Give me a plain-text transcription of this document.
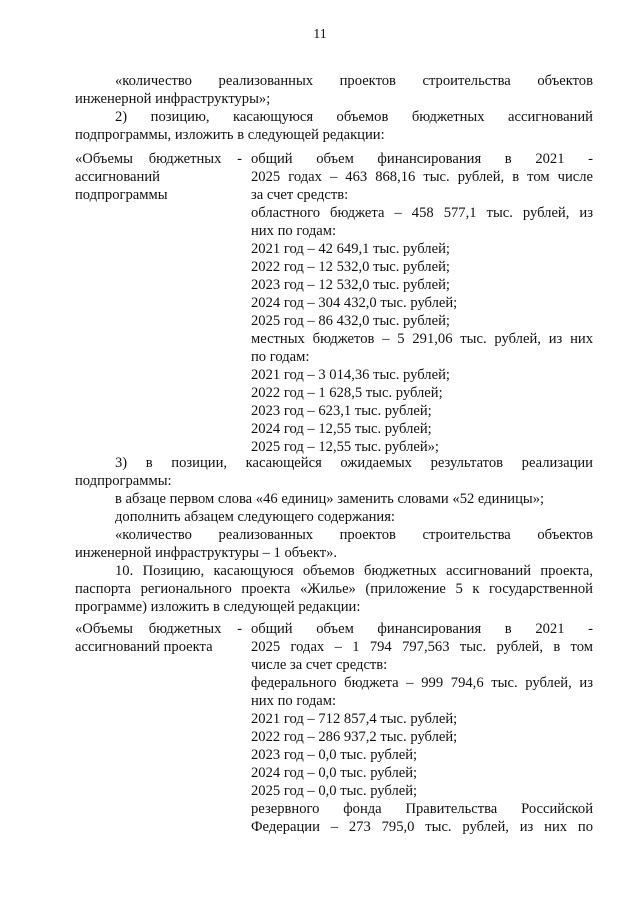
11
«количество реализованных проектов строительства объектов
инженерной инфраструктуры»;
2) позицию, касающуюся объемов бюджетных ассигнований
подпрограммы, изложить в следующей редакции:
«Объемы бюджетных -
ассигнований
подпрограммы
общий объем финансирования в 2021 -
2025 годах – 463 868,16 тыс. рублей, в том числе
за счет средств:
областного бюджета – 458 577,1 тыс. рублей, из
них по годам:
2021 год – 42 649,1 тыс. рублей;
2022 год – 12 532,0 тыс. рублей;
2023 год – 12 532,0 тыс. рублей;
2024 год – 304 432,0 тыс. рублей;
2025 год – 86 432,0 тыс. рублей;
местных бюджетов – 5 291,06 тыс. рублей, из них
по годам:
2021 год – 3 014,36 тыс. рублей;
2022 год – 1 628,5 тыс. рублей;
2023 год – 623,1 тыс. рублей;
2024 год – 12,55 тыс. рублей;
2025 год – 12,55 тыс. рублей»;
3) в позиции, касающейся ожидаемых результатов реализации
подпрограммы:
в абзаце первом слова «46 единиц» заменить словами «52 единицы»;
дополнить абзацем следующего содержания:
«количество реализованных проектов строительства объектов
инженерной инфраструктуры – 1 объект».
10. Позицию, касающуюся объемов бюджетных ассигнований проекта,
паспорта регионального проекта «Жилье» (приложение 5 к государственной
программе) изложить в следующей редакции:
«Объемы бюджетных -
ассигнований проекта
общий объем финансирования в 2021 -
2025 годах – 1 794 797,563 тыс. рублей, в том
числе за счет средств:
федерального бюджета – 999 794,6 тыс. рублей, из
них по годам:
2021 год – 712 857,4 тыс. рублей;
2022 год – 286 937,2 тыс. рублей;
2023 год – 0,0 тыс. рублей;
2024 год – 0,0 тыс. рублей;
2025 год – 0,0 тыс. рублей;
резервного фонда Правительства Российской
Федерации – 273 795,0 тыс. рублей, из них по
